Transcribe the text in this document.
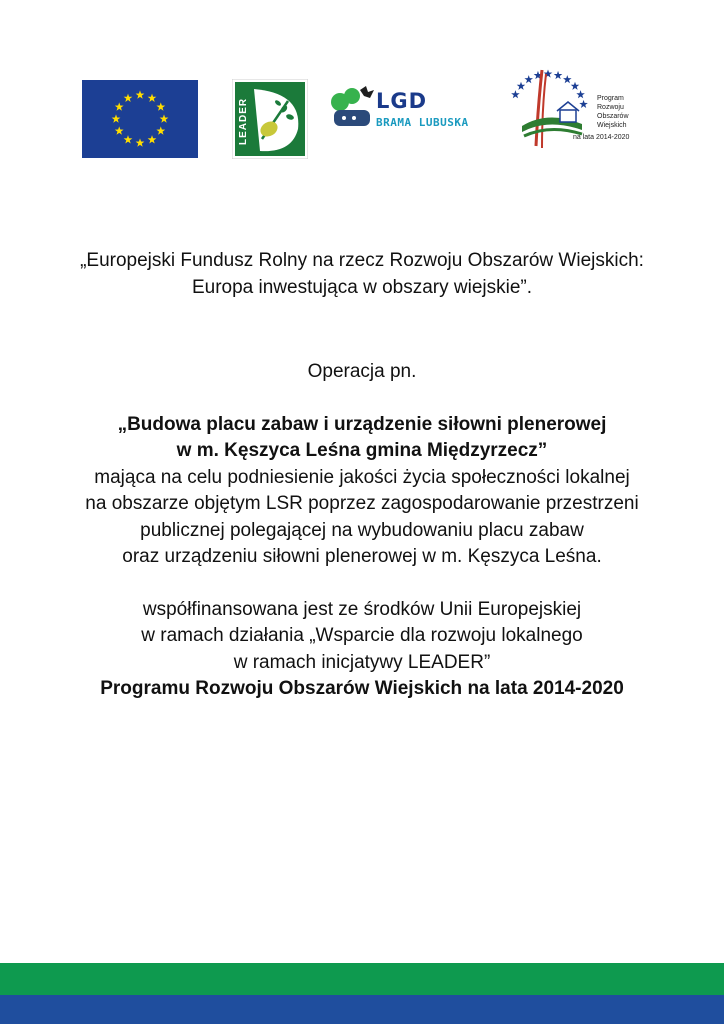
LEADER	LGD
BRAMA LUBUSKA
Program
Rozwoju
Obszarów
Wiejskich
na lata 2014-2020

„Europejski Fundusz Rolny na rzecz Rozwoju Obszarów Wiejskich:
Europa inwestująca w obszary wiejskie”.

Operacja pn.

„Budowa placu zabaw i urządzenie siłowni plenerowej
w m. Kęszyca Leśna gmina Międzyrzecz”

mająca na celu podniesienie jakości życia społeczności lokalnej
na obszarze objętym LSR poprzez zagospodarowanie przestrzeni
publicznej polegającej na wybudowaniu placu zabaw
oraz urządzeniu siłowni plenerowej w m. Kęszyca Leśna.

współfinansowana jest ze środków Unii Europejskiej
w ramach działania „Wsparcie dla rozwoju lokalnego
w ramach inicjatywy LEADER”
Programu Rozwoju Obszarów Wiejskich na lata 2014-2020
